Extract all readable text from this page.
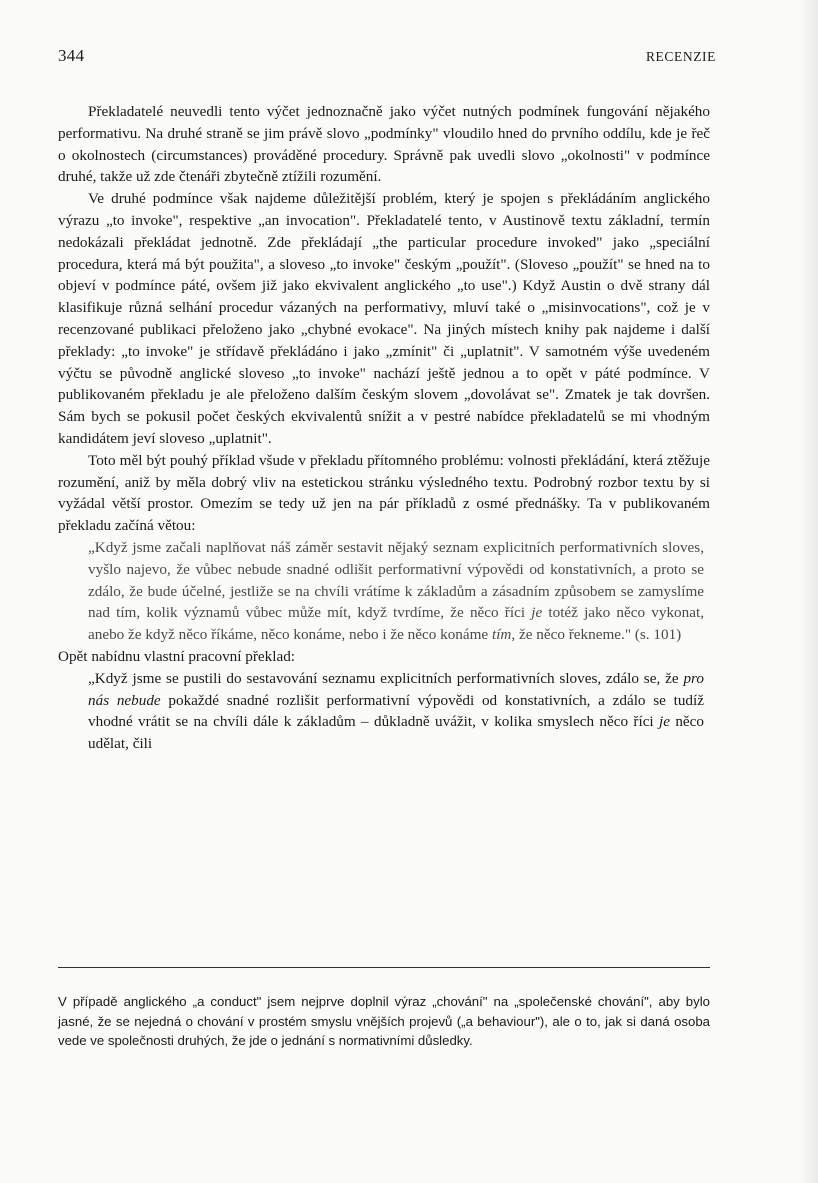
344	RECENZIE

Překladatelé neuvedli tento výčet jednoznačně jako výčet nutných podmínek fungování nějakého performativu. Na druhé straně se jim právě slovo „podmínky" vloudilo hned do prvního oddílu, kde je řeč o okolnostech (circumstances) prováděné procedury. Správně pak uvedli slovo „okolnosti" v podmínce druhé, takže už zde čtenáři zbytečně ztížili rozumění.

Ve druhé podmínce však najdeme důležitější problém, který je spojen s překládáním anglického výrazu „to invoke", respektive „an invocation". Překladatelé tento, v Austinově textu základní, termín nedokázali překládat jednotně. Zde překládají „the particular procedure invoked" jako „speciální procedura, která má být použita", a sloveso „to invoke" českým „použít". (Sloveso „použít" se hned na to objeví v podmínce páté, ovšem již jako ekvivalent anglického „to use".) Když Austin o dvě strany dál klasifikuje různá selhání procedur vázaných na performativy, mluví také o „misinvocations", což je v recenzované publikaci přeloženo jako „chybné evokace". Na jiných místech knihy pak najdeme i další překlady: „to invoke" je střídavě překládáno i jako „zmínit" či „uplatnit". V samotném výše uvedeném výčtu se původně anglické sloveso „to invoke" nachází ještě jednou a to opět v páté podmínce. V publikovaném překladu je ale přeloženo dalším českým slovem „dovolávat se". Zmatek je tak dovršen. Sám bych se pokusil počet českých ekvivalentů snížit a v pestré nabídce překladatelů se mi vhodným kandidátem jeví sloveso „uplatnit".

Toto měl být pouhý příklad všude v překladu přítomného problému: volnosti překládání, která ztěžuje rozumění, aniž by měla dobrý vliv na estetickou stránku výsledného textu. Podrobný rozbor textu by si vyžádal větší prostor. Omezím se tedy už jen na pár příkladů z osmé přednášky. Ta v publikovaném překladu začíná větou:

„Když jsme začali naplňovat náš záměr sestavit nějaký seznam explicitních performativních sloves, vyšlo najevo, že vůbec nebude snadné odlišit performativní výpovědi od konstativních, a proto se zdálo, že bude účelné, jestliže se na chvíli vrátíme k základům a zásadním způsobem se zamyslíme nad tím, kolik významů vůbec může mít, když tvrdíme, že něco říci je totéž jako něco vykonat, anebo že když něco říkáme, něco konáme, nebo i že něco konáme tím, že něco řekneme." (s. 101)

Opět nabídnu vlastní pracovní překlad:

„Když jsme se pustili do sestavování seznamu explicitních performativních sloves, zdálo se, že pro nás nebude pokaždé snadné rozlišit performativní výpovědi od konstativních, a zdálo se tudíž vhodné vrátit se na chvíli dále k základům – důkladně uvážit, v kolika smyslech něco říci je něco udělat, čili

V případě anglického „a conduct" jsem nejprve doplnil výraz „chování" na „společenské chování", aby bylo jasné, že se nejedná o chování v prostém smyslu vnějších projevů („a behaviour"), ale o to, jak si daná osoba vede ve společnosti druhých, že jde o jednání s normativními důsledky.
